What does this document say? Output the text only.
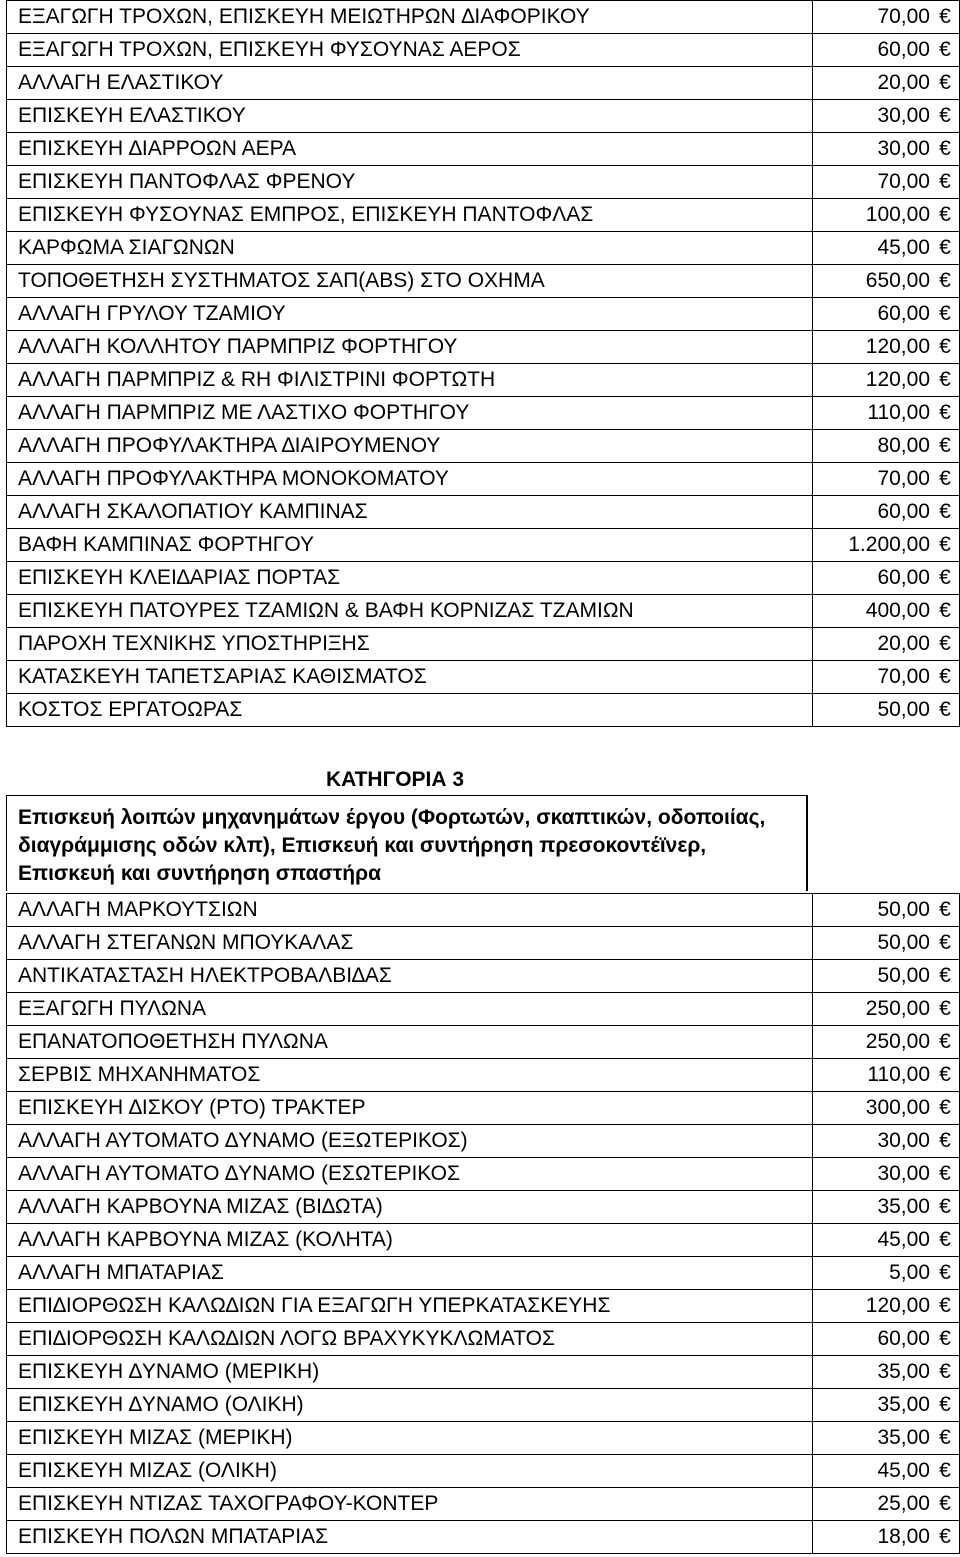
ΕΞΑΓΩΓΗ ΤΡΟΧΩΝ, ΕΠΙΣΚΕΥΗ ΜΕΙΩΤΗΡΩΝ ∆ΙΑΦΟΡΙΚΟΥ	70,00 €
ΕΞΑΓΩΓΗ ΤΡΟΧΩΝ, ΕΠΙΣΚΕΥΗ ΦΥΣΟΥΝΑΣ ΑΕΡΟΣ	60,00 €
ΑΛΛΑΓΗ ΕΛΑΣΤΙΚΟΥ	20,00 €
ΕΠΙΣΚΕΥΗ ΕΛΑΣΤΙΚΟΥ	30,00 €
ΕΠΙΣΚΕΥΗ ∆ΙΑΡΡΟΩΝ ΑΕΡΑ	30,00 €
ΕΠΙΣΚΕΥΗ ΠΑΝΤΟΦΛΑΣ ΦΡΕΝΟΥ	70,00 €
ΕΠΙΣΚΕΥΗ ΦΥΣΟΥΝΑΣ ΕΜΠΡΟΣ, ΕΠΙΣΚΕΥΗ ΠΑΝΤΟΦΛΑΣ	100,00 €
ΚΑΡΦΩΜΑ ΣΙΑΓΩΝΩΝ	45,00 €
ΤΟΠΟΘΕΤΗΣΗ ΣΥΣΤΗΜΑΤΟΣ ΣΑΠ(ABS) ΣΤΟ ΟΧΗΜΑ	650,00 €
ΑΛΛΑΓΗ ΓΡΥΛΟΥ ΤΖΑΜΙΟΥ	60,00 €
ΑΛΛΑΓΗ ΚΟΛΛΗΤΟΥ ΠΑΡΜΠΡΙΖ ΦΟΡΤΗΓΟΥ	120,00 €
ΑΛΛΑΓΗ ΠΑΡΜΠΡΙΖ & RH ΦΙΛΙΣΤΡΙΝΙ ΦΟΡΤΩΤΗ	120,00 €
ΑΛΛΑΓΗ ΠΑΡΜΠΡΙΖ ΜΕ ΛΑΣΤΙΧΟ ΦΟΡΤΗΓΟΥ	110,00 €
ΑΛΛΑΓΗ ΠΡΟΦΥΛΑΚΤΗΡΑ ∆ΙΑΙΡΟΥΜΕΝΟΥ	80,00 €
ΑΛΛΑΓΗ ΠΡΟΦΥΛΑΚΤΗΡΑ ΜΟΝΟΚΟΜΑΤΟΥ	70,00 €
ΑΛΛΑΓΗ ΣΚΑΛΟΠΑΤΙΟΥ ΚΑΜΠΙΝΑΣ	60,00 €
ΒΑΦΗ ΚΑΜΠΙΝΑΣ ΦΟΡΤΗΓΟΥ	1.200,00 €
ΕΠΙΣΚΕΥΗ ΚΛΕΙ∆ΑΡΙΑΣ ΠΟΡΤΑΣ	60,00 €
ΕΠΙΣΚΕΥΗ ΠΑΤΟΥΡΕΣ ΤΖΑΜΙΩΝ & ΒΑΦΗ ΚΟΡΝΙΖΑΣ ΤΖΑΜΙΩΝ	400,00 €
ΠΑΡΟΧΗ ΤΕΧΝΙΚΗΣ ΥΠΟΣΤΗΡΙΞΗΣ	20,00 €
ΚΑΤΑΣΚΕΥΗ ΤΑΠΕΤΣΑΡΙΑΣ ΚΑΘΙΣΜΑΤΟΣ	70,00 €
ΚΟΣΤΟΣ ΕΡΓΑΤΟΩΡΑΣ	50,00 €
ΚΑΤΗΓΟΡΙΑ 3
Επισκευή λοιπών μηχανημάτων έργου (Φορτωτών, σκαπτικών, οδοποιίας, διαγράμμισης οδών κλπ), Επισκευή και συντήρηση πρεσοκοντέϊνερ, Επισκευή και συντήρηση σπαστήρα
ΑΛΛΑΓΗ ΜΑΡΚΟΥΤΣΙΩΝ	50,00 €
ΑΛΛΑΓΗ ΣΤΕΓΑΝΩΝ ΜΠΟΥΚΑΛΑΣ	50,00 €
ΑΝΤΙΚΑΤΑΣΤΑΣΗ ΗΛΕΚΤΡΟΒΑΛΒΙ∆ΑΣ	50,00 €
ΕΞΑΓΩΓΗ ΠΥΛΩΝΑ	250,00 €
ΕΠΑΝΑΤΟΠΟΘΕΤΗΣΗ ΠΥΛΩΝΑ	250,00 €
ΣΕΡΒΙΣ ΜΗΧΑΝΗΜΑΤΟΣ	110,00 €
ΕΠΙΣΚΕΥΗ ∆ΙΣΚΟΥ (PTO) ΤΡΑΚΤΕΡ	300,00 €
ΑΛΛΑΓΗ ΑΥΤΟΜΑΤΟ ∆ΥΝΑΜΟ (ΕΞΩΤΕΡΙΚΟΣ)	30,00 €
ΑΛΛΑΓΗ ΑΥΤΟΜΑΤΟ ∆ΥΝΑΜΟ (ΕΣΩΤΕΡΙΚΟΣ	30,00 €
ΑΛΛΑΓΗ ΚΑΡΒΟΥΝΑ ΜΙΖΑΣ (ΒΙ∆ΩΤΑ)	35,00 €
ΑΛΛΑΓΗ ΚΑΡΒΟΥΝΑ ΜΙΖΑΣ (ΚΟΛΗΤΑ)	45,00 €
ΑΛΛΑΓΗ ΜΠΑΤΑΡΙΑΣ	5,00 €
ΕΠΙ∆ΙΟΡΘΩΣΗ ΚΑΛΩ∆ΙΩΝ ΓΙΑ ΕΞΑΓΩΓΗ ΥΠΕΡΚΑΤΑΣΚΕΥΗΣ	120,00 €
ΕΠΙ∆ΙΟΡΘΩΣΗ ΚΑΛΩ∆ΙΩΝ ΛΟΓΩ ΒΡΑΧΥΚΥΚΛΩΜΑΤΟΣ	60,00 €
ΕΠΙΣΚΕΥΗ ∆ΥΝΑΜΟ (ΜΕΡΙΚΗ)	35,00 €
ΕΠΙΣΚΕΥΗ ∆ΥΝΑΜΟ (ΟΛΙΚΗ)	35,00 €
ΕΠΙΣΚΕΥΗ ΜΙΖΑΣ (ΜΕΡΙΚΗ)	35,00 €
ΕΠΙΣΚΕΥΗ ΜΙΖΑΣ (ΟΛΙΚΗ)	45,00 €
ΕΠΙΣΚΕΥΗ ΝΤΙΖΑΣ ΤΑΧΟΓΡΑΦΟΥ-ΚΟΝΤΕΡ	25,00 €
ΕΠΙΣΚΕΥΗ ΠΟΛΩΝ ΜΠΑΤΑΡΙΑΣ	18,00 €
